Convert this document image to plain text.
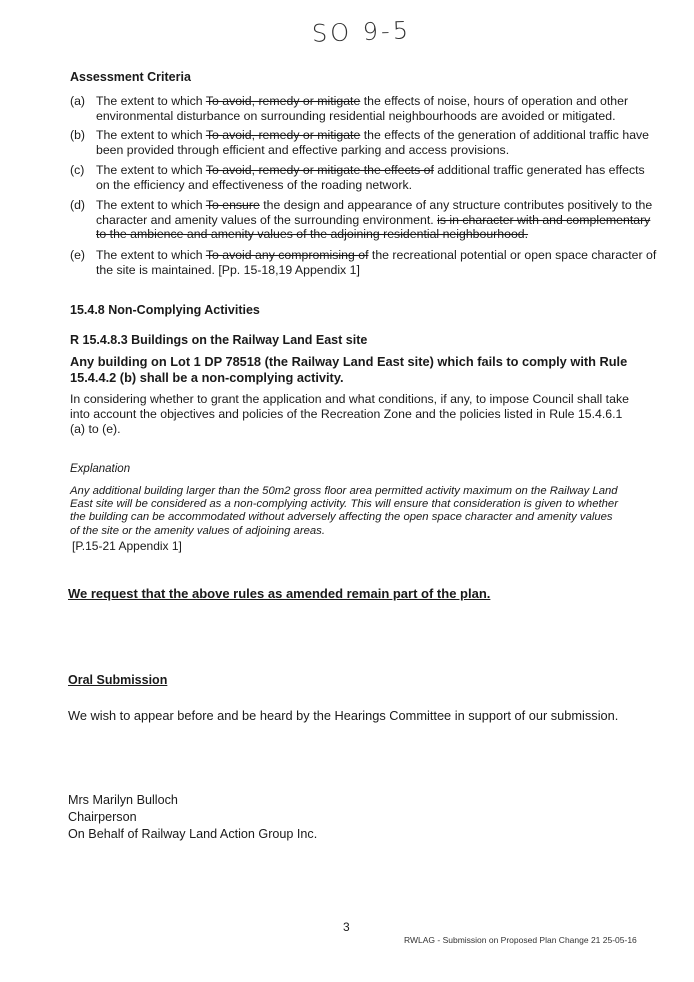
SO 9-5
Assessment Criteria
(a) The extent to which To avoid, remedy or mitigate the effects of noise, hours of operation and other environmental disturbance on surrounding residential neighbourhoods are avoided or mitigated.
(b) The extent to which To avoid, remedy or mitigate the effects of the generation of additional traffic have been provided through efficient and effective parking and access provisions.
(c) The extent to which To avoid, remedy or mitigate the effects of additional traffic generated has effects on the efficiency and effectiveness of the roading network.
(d) The extent to which To ensure the design and appearance of any structure contributes positively to the character and amenity values of the surrounding environment. is in character with and complementary to the ambience and amenity values of the adjoining residential neighbourhood.
(e) The extent to which To avoid any compromising of the recreational potential or open space character of the site is maintained. [Pp. 15-18,19 Appendix 1]
15.4.8 Non-Complying Activities
R 15.4.8.3 Buildings on the Railway Land East site
Any building on Lot 1 DP 78518 (the Railway Land East site) which fails to comply with Rule 15.4.4.2 (b) shall be a non-complying activity.
In considering whether to grant the application and what conditions, if any, to impose Council shall take into account the objectives and policies of the Recreation Zone and the policies listed in Rule 15.4.6.1 (a) to (e).
Explanation
Any additional building larger than the 50m2 gross floor area permitted activity maximum on the Railway Land East site will be considered as a non-complying activity. This will ensure that consideration is given to whether the building can be accommodated without adversely affecting the open space character and amenity values of the site or the amenity values of adjoining areas.
[P.15-21 Appendix 1]
We request that the above rules as amended remain part of the plan.
Oral Submission
We wish to appear before and be heard by the Hearings Committee in support of our submission.
Mrs Marilyn Bulloch
Chairperson
On Behalf of Railway Land Action Group Inc.
3
RWLAG - Submission on Proposed Plan Change 21 25-05-16
